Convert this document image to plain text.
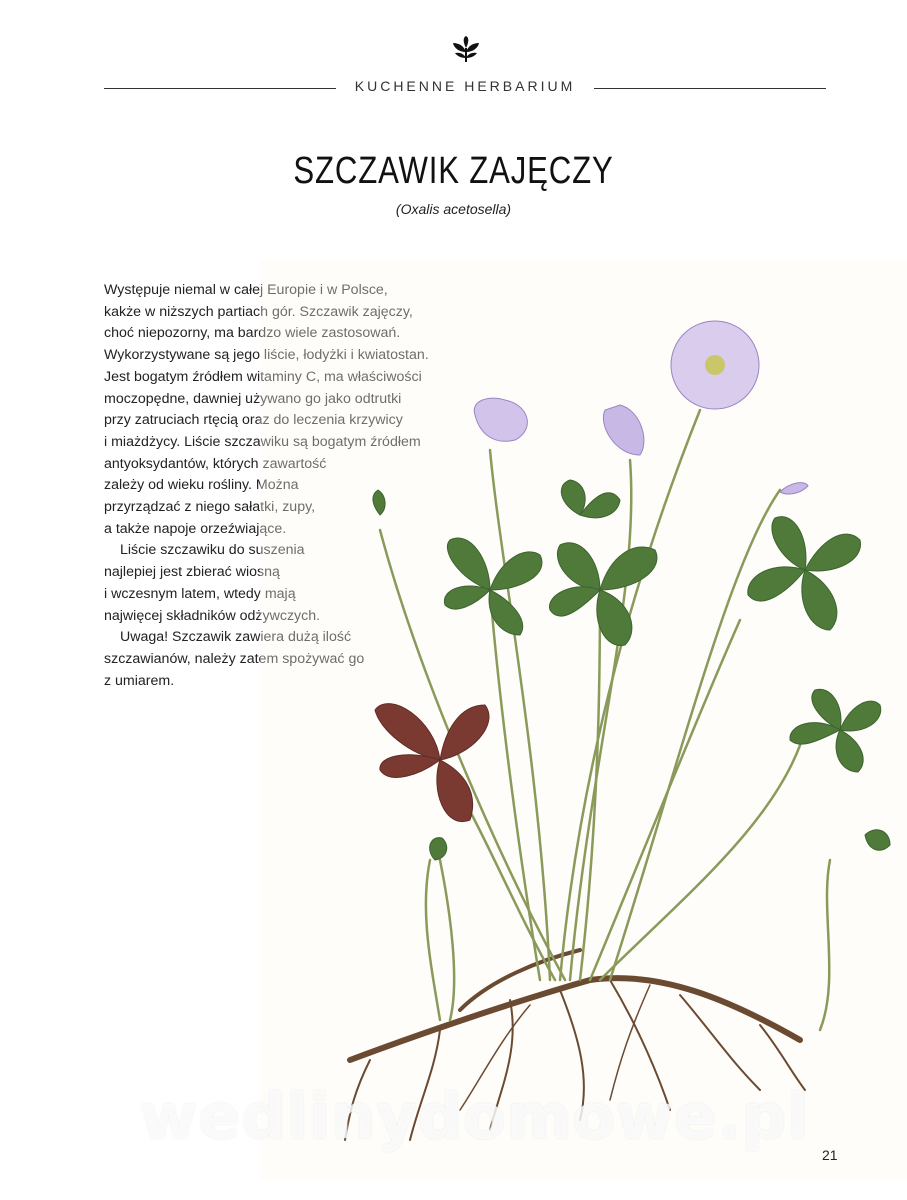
KUCHENNE HERBARIUM
SZCZAWIK ZAJĘCZY
(Oxalis acetosella)

Występuje niemal w całej Europie i w Polsce,
kakże w niższych partiach gór. Szczawik zajęczy,
choć niepozorny, ma bardzo wiele zastosowań.
Wykorzystywane są jego liście, łodyżki i kwiatostan.
Jest bogatym źródłem witaminy C, ma właściwości
moczopędne, dawniej używano go jako odtrutki
przy zatruciach rtęcią oraz do leczenia krzywicy
i miażdżycy. Liście szczawiku są bogatym źródłem
antyoksydantów, których zawartość
zależy od wieku rośliny. Można
przyrządzać z niego sałatki, zupy,
a także napoje orzeźwiające.

Liście szczawiku do suszenia
najlepiej jest zbierać wiosną
i wczesnym latem, wtedy mają
najwięcej składników odżywczych.

Uwaga! Szczawik zawiera dużą ilość
szczawianów, należy zatem spożywać go
z umiarem.

wedlinydomowe.pl
21
